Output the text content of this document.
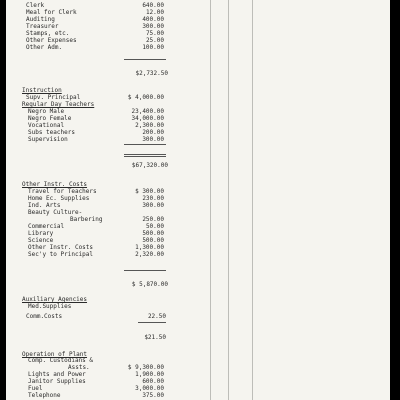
Clerk	640.00
Meal for Clerk	12.00
Auditing	400.00
Treasurer	300.00
Stamps, etc.	75.00
Other Expenses	25.00
Other Adm.	100.00
$2,732.50
Instruction
Supv. Principal	$ 4,000.00
Regular Day Teachers
Negro Male	23,400.00
Negro Female	34,000.00
Vocational	2,300.00
Subs teachers	200.00
Supervision	300.00
$67,320.00
Other Instr. Costs
Travel for Teachers	$ 300.00
Home Ec. Supplies	230.00
Ind. Arts	300.00
Beauty Culture-
Barbering	250.00
Commercial	50.00
Library	500.00
Science	500.00
Other Instr. Costs	1,300.00
Sec'y to Principal	2,320.00
$ 5,870.00
Auxiliary Agencies
Med.Supplies
Comm.Costs	22.50
$21.50
Operation of Plant
Comp. Custodians &
Assts.	$ 9,300.00
Lights and Power	1,900.00
Janitor Supplies	600.00
Fuel	3,000.00
Telephone	375.00
